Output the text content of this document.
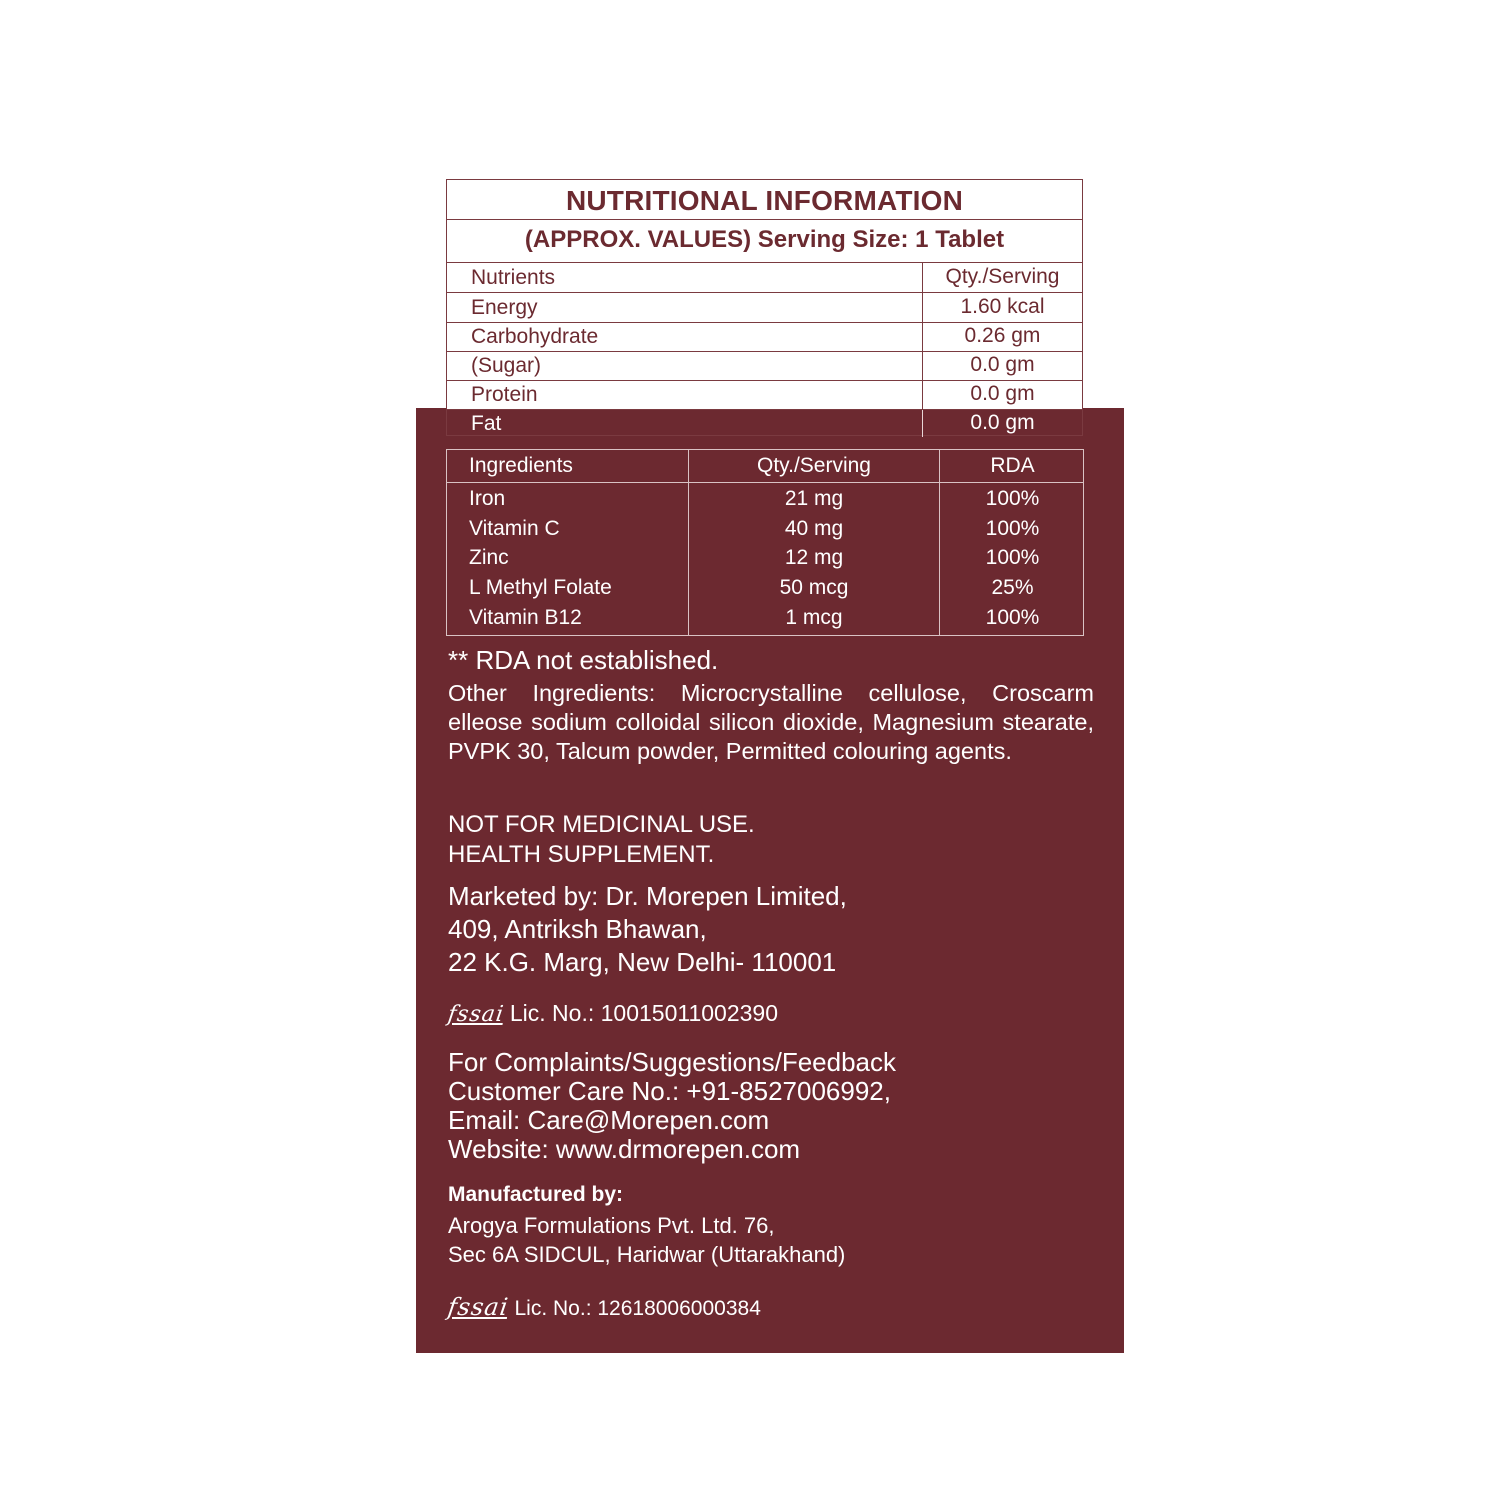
NUTRITIONAL INFORMATION
(APPROX. VALUES) Serving Size: 1 Tablet
Nutrients	Qty./Serving
Energy	1.60 kcal
Carbohydrate	0.26 gm
(Sugar)	0.0 gm
Protein	0.0 gm
Fat	0.0 gm
Ingredients	Qty./Serving	RDA
Iron	21 mg	100%
Vitamin C	40 mg	100%
Zinc	12 mg	100%
L Methyl Folate	50 mcg	25%
Vitamin B12	1 mcg	100%
** RDA not established.
Other Ingredients: Microcrystalline cellulose, Croscarm elleose sodium colloidal silicon dioxide, Magnesium stearate, PVPK 30, Talcum powder, Permitted colouring agents.
NOT FOR MEDICINAL USE.
HEALTH SUPPLEMENT.
Marketed by: Dr. Morepen Limited,
409, Antriksh Bhawan,
22 K.G. Marg, New Delhi- 110001
fssai Lic. No.: 10015011002390
For Complaints/Suggestions/Feedback
Customer Care No.: +91-8527006992,
Email: Care@Morepen.com
Website: www.drmorepen.com
Manufactured by:
Arogya Formulations Pvt. Ltd. 76,
Sec 6A SIDCUL, Haridwar (Uttarakhand)
fssai Lic. No.: 12618006000384
